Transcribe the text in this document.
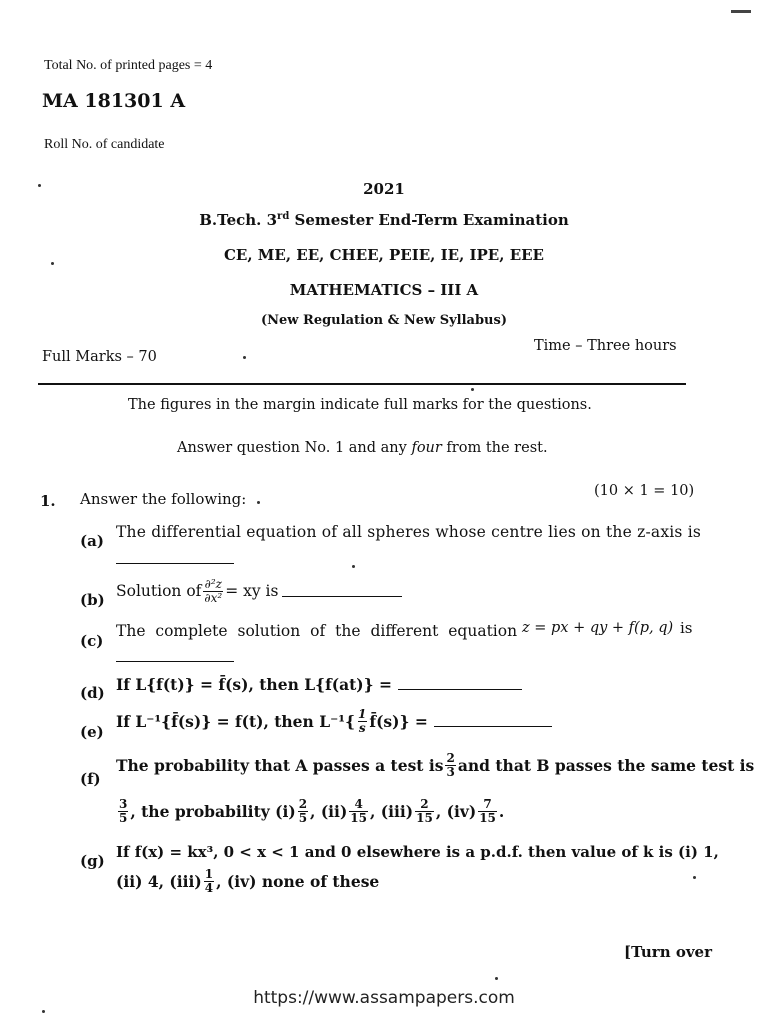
Total No. of printed pages = 4
MA 181301 A
Roll No. of candidate
2021
B.Tech. 3rd Semester End-Term Examination
CE, ME, EE, CHEE, PEIE, IE, IPE, EEE
MATHEMATICS – III A
(New Regulation & New Syllabus)
Full Marks – 70
Time – Three hours
The figures in the margin indicate full marks for the questions.
Answer question No. 1 and any four from the rest.
1. Answer the following:	(10 × 1 = 10)
(a) The differential equation of all spheres whose centre lies on the z-axis is
(b) Solution of $\frac{\text{∂²z}}{\text{∂x²}}$ = xy is
(c)
The complete solution of the different equation z = px + qy + f(p, q) is
(d) If L{f(t)} = f̄(s), then L{f(at)} =
(e)
If L⁻¹{f̄(s)} = f(t), then $L^{-1}\{ \frac{1}{s}$ f̄(s)} =
(f)
The probability that A passes a test is $\frac{2}{3}$ and that B passes the same test is
$\frac{3}{5}$ , the probability $(i) \frac{2}{5}$ , $(ii) \frac{4}{15}$ , $(iii) \frac{2}{15}$ , $(iv) \frac{7}{15}$ .
(g) If f(x) = kx³, 0 < x < 1 and 0 elsewhere is a p.d.f. then value of k is (i) 1,
(ii) 4, $(iii) \frac{1}{4}$ , (iv) none of these
[Turn over
https://www.assampapers.com
